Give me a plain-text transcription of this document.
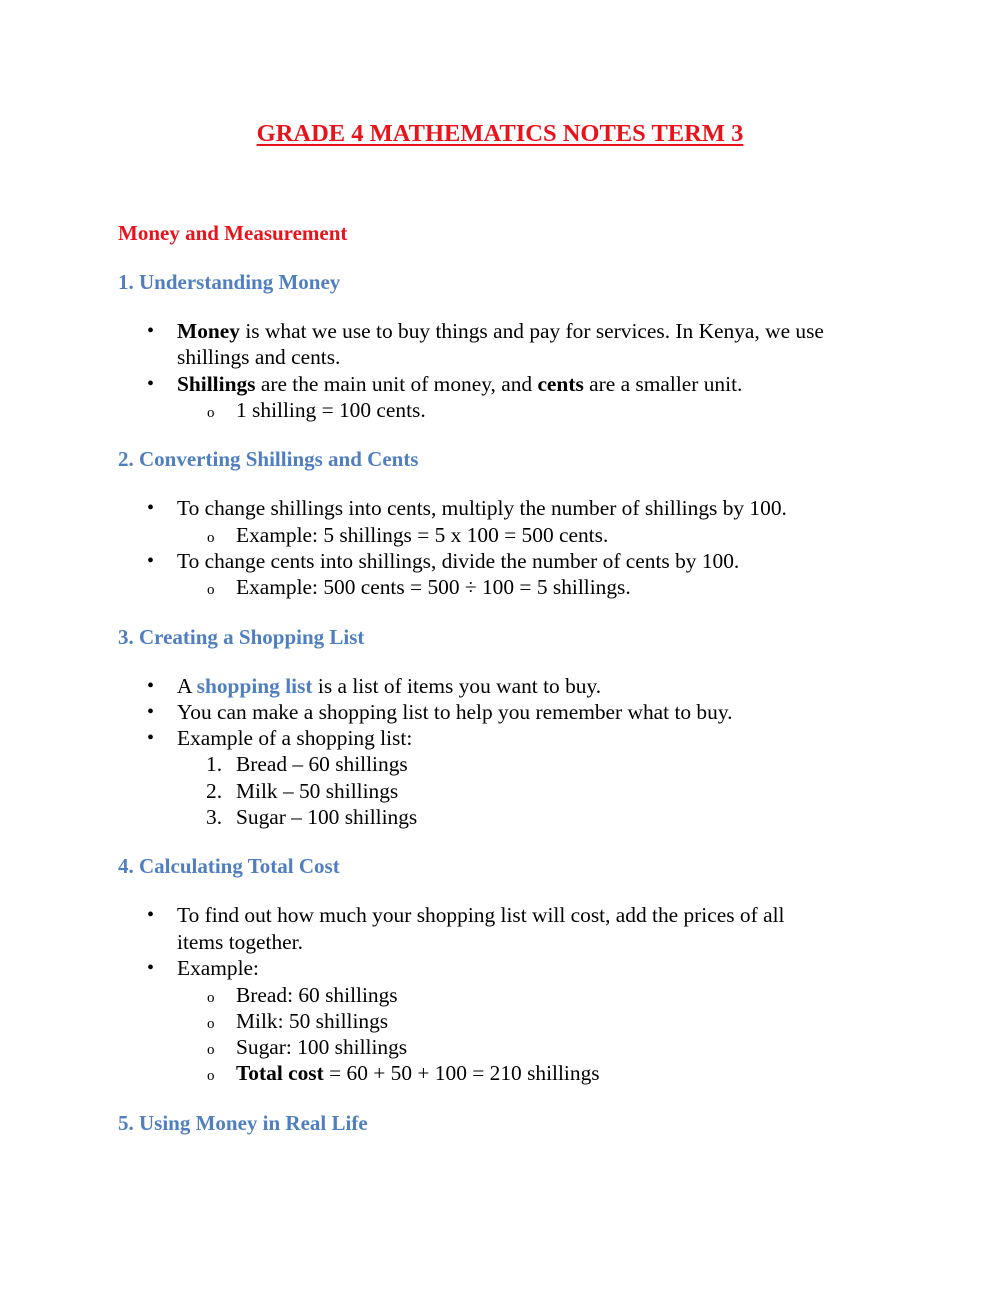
GRADE 4 MATHEMATICS NOTES TERM 3
Money and Measurement
1. Understanding Money
• Money is what we use to buy things and pay for services. In Kenya, we use
shillings and cents.
• Shillings are the main unit of money, and cents are a smaller unit.
o 1 shilling = 100 cents.
2. Converting Shillings and Cents
• To change shillings into cents, multiply the number of shillings by 100.
o Example: 5 shillings = 5 x 100 = 500 cents.
• To change cents into shillings, divide the number of cents by 100.
o Example: 500 cents = 500 ÷ 100 = 5 shillings.
3. Creating a Shopping List
• A shopping list is a list of items you want to buy.
• You can make a shopping list to help you remember what to buy.
• Example of a shopping list:
1. Bread – 60 shillings
2. Milk – 50 shillings
3. Sugar – 100 shillings
4. Calculating Total Cost
• To find out how much your shopping list will cost, add the prices of all
items together.
• Example:
o Bread: 60 shillings
o Milk: 50 shillings
o Sugar: 100 shillings
o Total cost = 60 + 50 + 100 = 210 shillings
5. Using Money in Real Life
